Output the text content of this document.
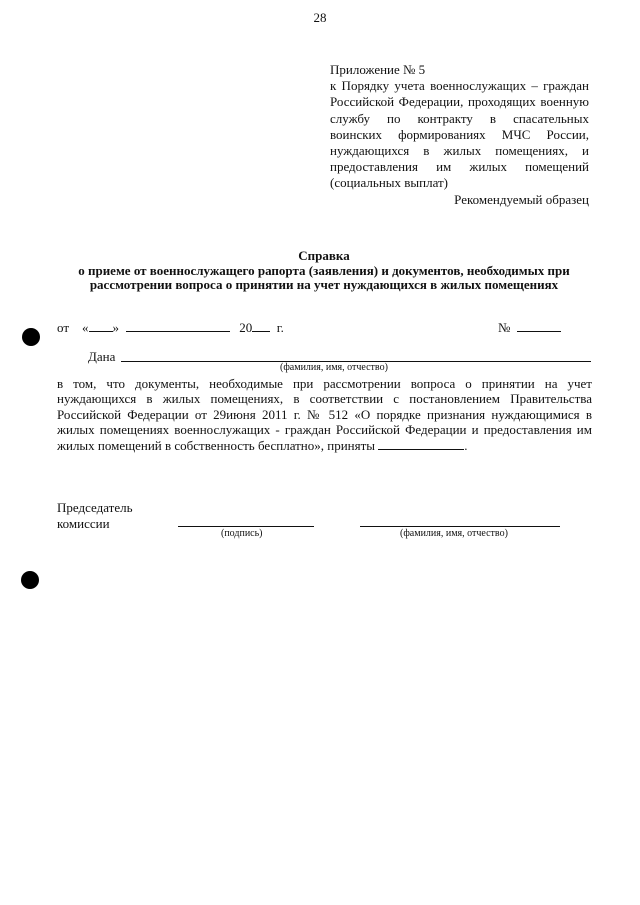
28
Приложение № 5
к Порядку учета военнослужащих – граждан Российской Федерации, проходящих военную службу по контракту в спасательных воинских формированиях МЧС России, нуждающихся в жилых помещениях, и предоставления им жилых помещений (социальных выплат)
Рекомендуемый образец
Справка
о приеме от военнослужащего рапорта (заявления) и документов, необходимых при рассмотрении вопроса о принятии на учет нуждающихся в жилых помещениях
от « »	20 г.	№
Дана
(фамилия, имя, отчество)
в том, что документы, необходимые при рассмотрении вопроса о принятии на учет нуждающихся в жилых помещениях, в соответствии с постановлением Правительства Российской Федерации от 29июня 2011 г. № 512 «О порядке признания нуждающимися в жилых помещениях военнослужащих - граждан Российской Федерации и предоставления им жилых помещений в собственность бесплатно», приняты	.
Председатель
комиссии
(подпись)	(фамилия, имя, отчество)
